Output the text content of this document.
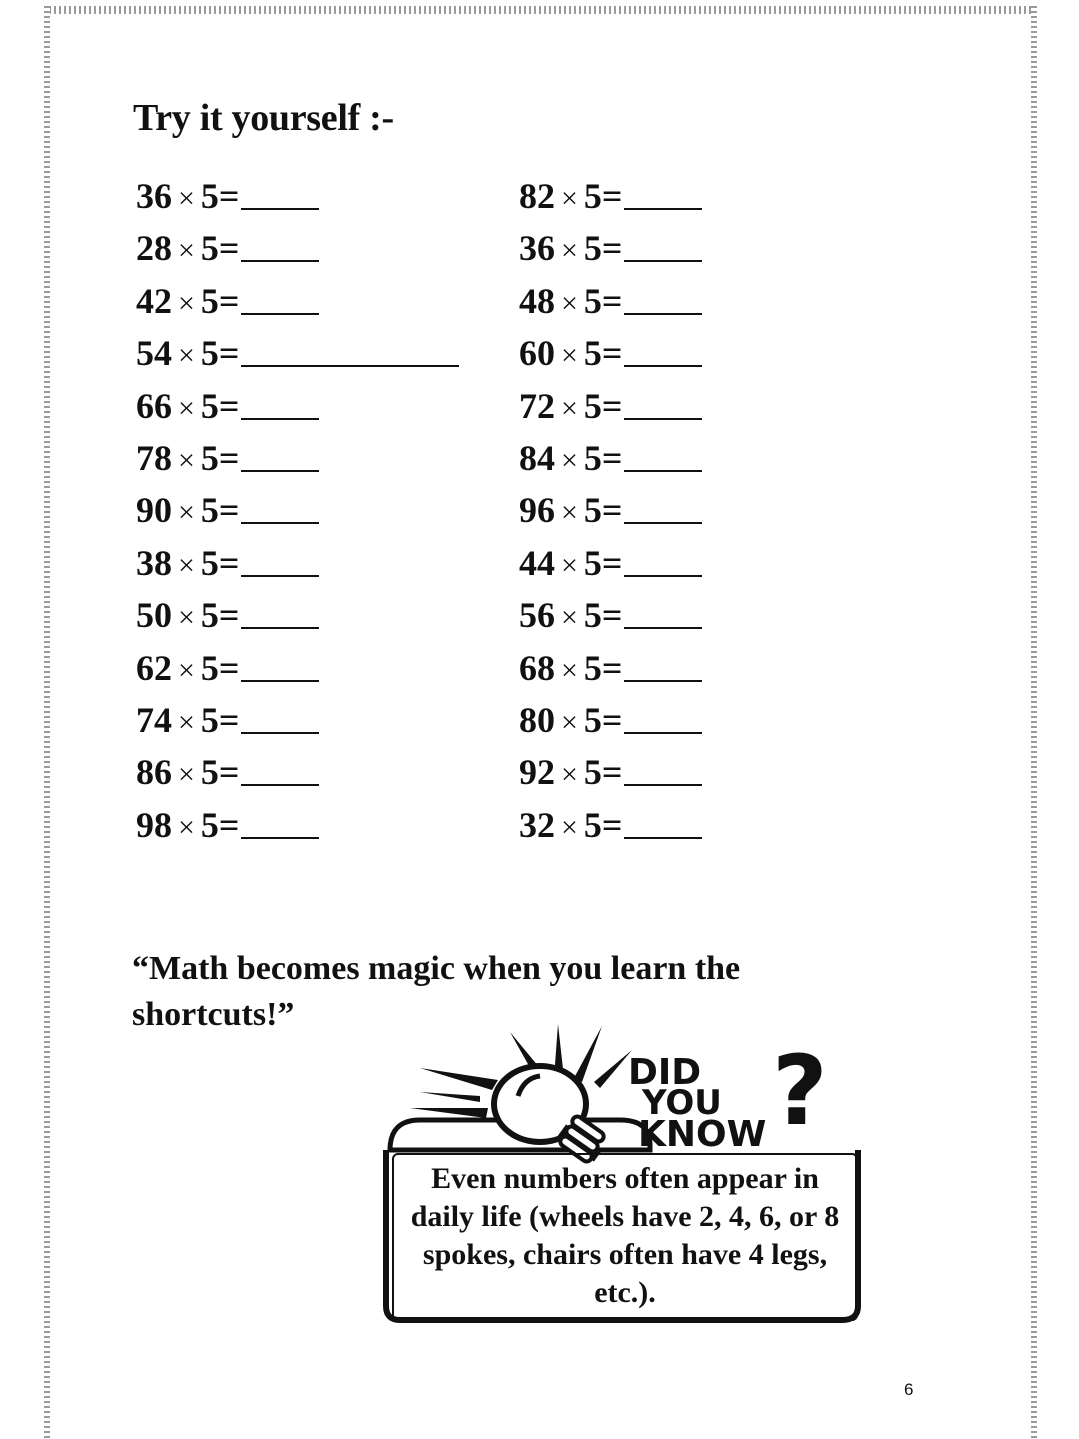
Try it yourself :-
36 × 5=
28 × 5=
42 × 5=
54 × 5=
66 × 5=
78 × 5=
90 × 5=
38 × 5=
50 × 5=
62 × 5=
74 × 5=
86 × 5=
98 × 5=
82 × 5=
36 × 5=
48 × 5=
60 × 5=
72 × 5=
84 × 5=
96 × 5=
44 × 5=
56 × 5=
68 × 5=
80 × 5=
92 × 5=
32 × 5=

“Math becomes magic when you learn the shortcuts!”

DID
YOU
KNOW ?

Even numbers often appear in daily life (wheels have 2, 4, 6, or 8 spokes, chairs often have 4 legs, etc.).

6
